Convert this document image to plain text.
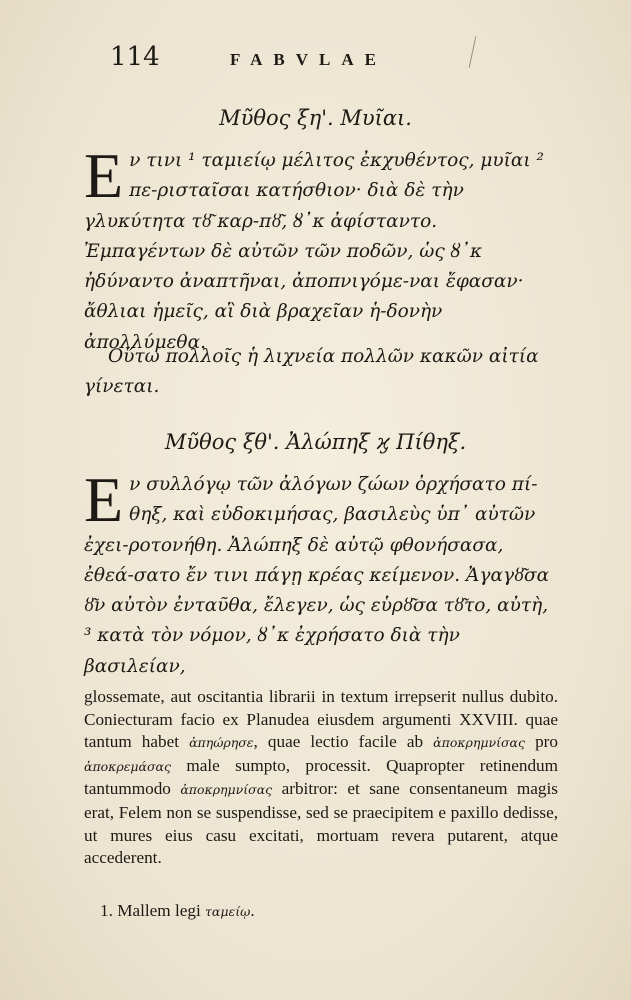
114	FABVLAE
Μῦθος ξη'. Μυῖαι.
Eν τινι ¹ ταμιείῳ μέλιτος ἐκχυθέντος, μυῖαι ² πε-ρισταῖσαι κατήσθιον· διὰ δὲ τὴν γλυκύτητα τȣ͂ καρ-πȣ͂, ȣ᾿κ ἀφίσταντο. Ἐμπαγέντων δὲ αὐτῶν τῶν ποδῶν, ὡς ȣ᾿κ ἠδύναντο ἀναπτῆναι, ἀποπνιγόμε-ναι ἔφασαν· ἄθλιαι ἡμεῖς, αἳ διὰ βραχεῖαν ἡ-δονὴν ἀπολλύμεθα.
Οὕτω πολλοῖς ἡ λιχνεία πολλῶν κακῶν αἰτία γίνεται.
Μῦθος ξθ'. Ἀλώπηξ ϗ Πίθηξ.
Eν συλλόγῳ τῶν ἀλόγων ζώων ὀρχήσατο πί-θηξ, καὶ εὐδοκιμήσας, βασιλεὺς ὑπ᾽ αὐτῶν ἐχει-ροτονήθη. Ἀλώπηξ δὲ αὐτῷ φθονήσασα, ἐθεά-σατο ἔν τινι πάγῃ κρέας κείμενον. Ἀγαγȣ͂σα ȣ͂ν αὐτὸν ἐνταῦθα, ἔλεγεν, ὡς εὑρȣ͂σα τȣ͂το, αὐτὴ, ³ κατὰ τὸν νόμον, ȣ᾿κ ἐχρήσατο διὰ τὴν βασιλείαν,
glossemate, aut oscitantia librarii in textum irrepserit nullus dubito. Coniecturam facio ex Planudea eiusdem argumenti XXVIII. quae tantum habet ἀπηώρησε, quae lectio facile ab ἀποκρημνίσας pro ἀποκρεμάσας male sumpto, processit. Quapropter retinendum tantummodo ἀποκρημνίσας arbitror: et sane consentaneum magis erat, Felem non se suspendisse, sed se praecipitem e paxillo dedisse, ut mures eius casu excitati, mortuam revera putarent, atque accederent.
1. Mallem legi ταμείῳ.
